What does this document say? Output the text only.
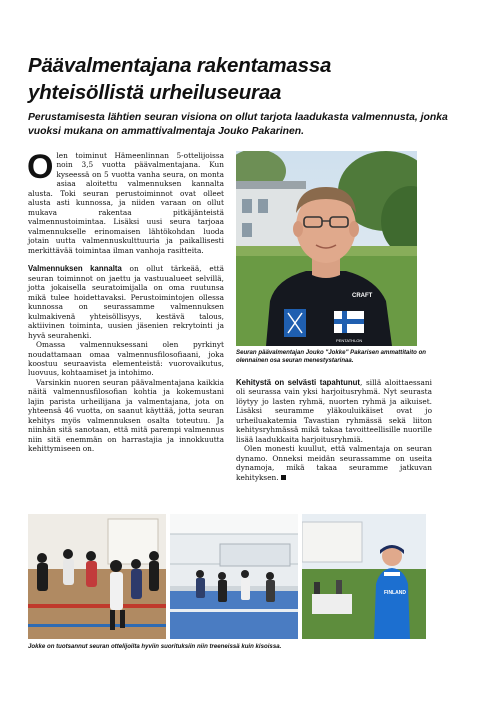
Päävalmentajana rakentamassa
yhteisöllistä urheiluseuraa

Perustamisesta lähtien seuran visiona on ollut tarjota laadukasta valmennusta, jonka vuoksi mukana on ammattivalmentaja Jouko Pakarinen.

Olen toiminut Hämeenlinnan 5-ottelijoissa noin 3,5 vuotta päävalmentajana. Kun kyseessä on 5 vuotta vanha seura, on monta asiaa aloitettu valmennuksen kannalta alusta. Toki seuran perustoiminnot ovat olleet alusta asti kunnossa, ja niiden varaan on ollut mukava rakentaa pitkäjänteistä valmennustoimintaa. Lisäksi uusi seura tarjoaa valmennukselle erinomaisen lähtökohdan luoda jotain uutta valmennuskulttuuria ja paikallisesti merkittävää toimintaa ilman vanhoja rasitteita.

Valmennuksen kannalta on ollut tärkeää, että seuran toiminnot on jaettu ja vastuualueet selvillä, jotta jokaisella seuratoimijalla on oma ruutunsa mikä tulee hoidettavaksi. Perustoimintojen ollessa kunnossa on seurassamme valmennuksen kulmakivenä yhteisöllisyys, kestävä talous, aktiivinen toiminta, uusien jäsenien rekrytointi ja hyvä seurahenki.

Omassa valmennuksessani olen pyrkinyt noudattamaan omaa valmennusfilosofiaani, joka koostuu seuraavista elementeistä: vuorovaikutus, luovuus, kohtaamiset ja intohimo.

Varsinkin nuoren seuran päävalmentajana kaikkia näitä valmennusfilosofian kohtia ja kokemustani lajin parista urheilijana ja valmentajana, jota on yhteensä 46 vuotta, on saanut käyttää, jotta seuran kehitys myös valmennuksen osalta toteutuu. Ja niinhän sitä sanotaan, että mitä parempi valmennus niin sitä enemmän on harrastajia ja innokkuutta kehittymiseen on.

CRAFT
PENTATHLON
Seuran päävalmentajan Jouko "Jokke" Pakarisen ammattitaito on olennainen osa seuran menestystarinaa.

Kehitystä on selvästi tapahtunut, sillä aloittaessani oli seurassa vain yksi harjoitusryhmä. Nyt seurasta löytyy jo lasten ryhmä, nuorten ryhmä ja aikuiset. Lisäksi seuramme yläkouluikäiset ovat jo urheiluakatemia Tavastian ryhmässä sekä liiton kehitysryhmässä mikä takaa tavoitteellisille nuorille lisää laadukkaita harjoitusryhmiä.

Olen monesti kuullut, että valmentaja on seuran dynamo. Onneksi meidän seurassamme on useita dynamoja, mikä takaa seuramme jatkuvan kehityksen.

FINLAND
Jokke on tuotsannut seuran ottelijoilta hyviin suorituksiin niin treeneissä kuin kisoissa.
